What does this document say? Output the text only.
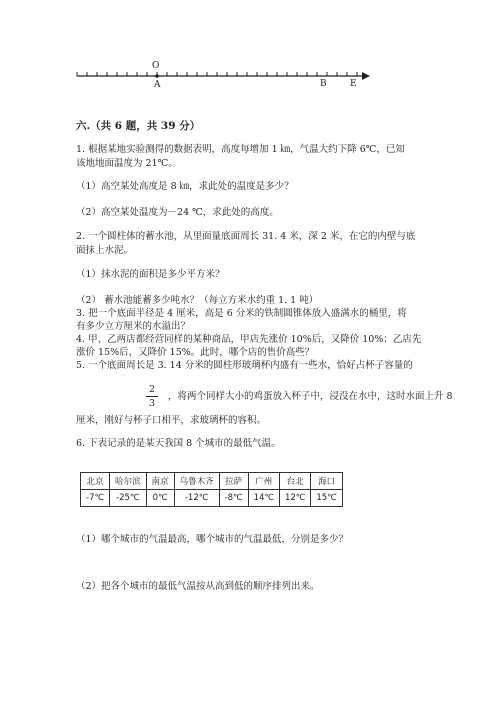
O
A	B	E
六.（共 6 题，共 39 分）
1. 根据某地实验测得的数据表明，高度每增加 1 ㎞，气温大约下降 6℃，已知
该地地面温度为 21℃。
（1）高空某处高度是 8 ㎞，求此处的温度是多少？
（2）高空某处温度为－24 ℃，求此处的高度。
2. 一个圆柱体的蓄水池，从里面量底面周长 31. 4 米，深 2 米，在它的内壁与底
面抹上水泥。
（1）抹水泥的面积是多少平方米？
（2） 蓄水池能蓄多少吨水？（每立方米水约重 1. 1 吨）
3. 把一个底面半径是 4 厘米，高是 6 分米的铁制圆锥体放入盛满水的桶里，将
有多少立方厘米的水溢出？
4. 甲、乙两店都经营同样的某种商品，甲店先涨价 10%后，又降价 10%；乙店先
涨价 15%后，又降价 15%。此时，哪个店的售价高些？
5. 一个底面周长是 3. 14 分米的圆柱形玻璃杯内盛有一些水，恰好占杯子容量的
2
3
，将两个同样大小的鸡蛋放入杯子中，浸没在水中，这时水面上升 8
厘米，刚好与杯子口相平，求玻璃杯的容积。
6. 下表记录的是某天我国 8 个城市的最低气温。
北京	哈尔滨	南京	乌鲁木齐	拉萨	广州	台北	海口
-7℃	-25℃	0℃	-12℃	-8℃	14℃	12℃	15℃
（1）哪个城市的气温最高，哪个城市的气温最低，分别是多少？
（2）把各个城市的最低气温按从高到低的顺序排列出来。
